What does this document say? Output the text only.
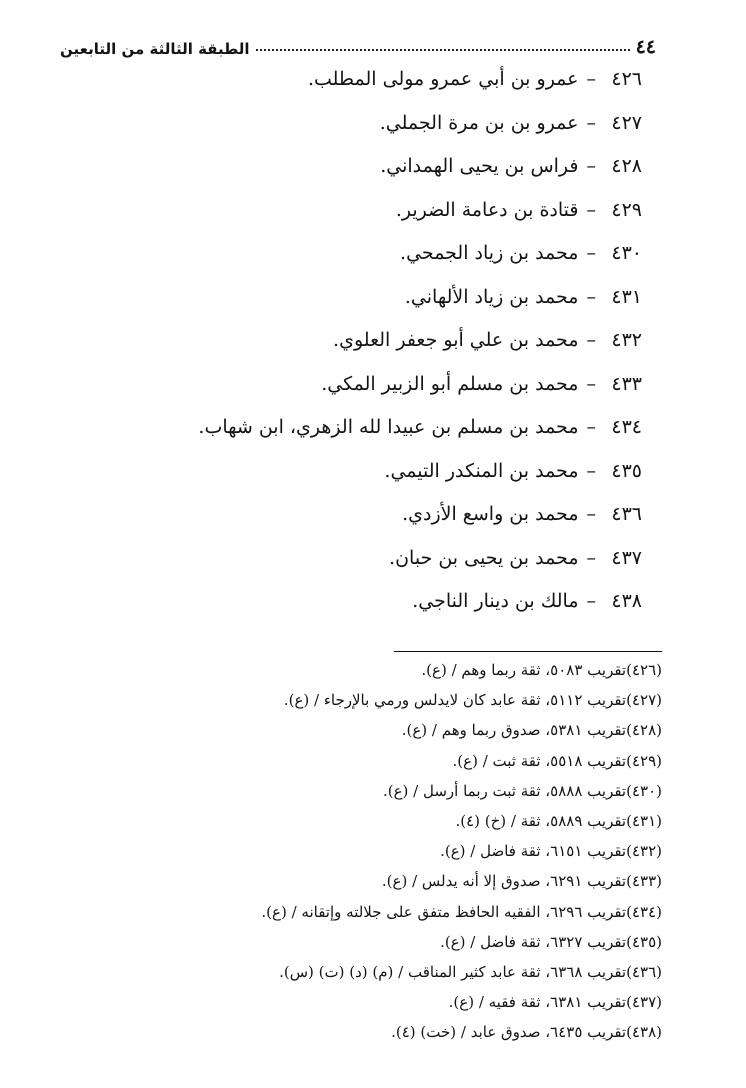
٤٤
الطبقة الثالثة من التابعين
٤٢٦–عمرو بن أبي عمرو مولى المطلب.
٤٢٧–عمرو بن بن مرة الجملي.
٤٢٨–فراس بن يحيى الهمداني.
٤٢٩–قتادة بن دعامة الضرير.
٤٣٠–محمد بن زياد الجمحي.
٤٣١–محمد بن زياد الألهاني.
٤٣٢–محمد بن علي أبو جعفر العلوي.
٤٣٣–محمد بن مسلم أبو الزبير المكي.
٤٣٤–محمد بن مسلم بن عبيدا لله الزهري، ابن شهاب.
٤٣٥–محمد بن المنكدر التيمي.
٤٣٦–محمد بن واسع الأزدي.
٤٣٧–محمد بن يحيى بن حبان.
٤٣٨–مالك بن دينار الناجي.
(٤٢٦)تقريب ٥٠٨٣، ثقة ربما وهم / (ع).
(٤٢٧)تقريب ٥١١٢، ثقة عابد كان لايدلس ورمي بالإرجاء / (ع).
(٤٢٨)تقريب ٥٣٨١، صدوق ربما وهم / (ع).
(٤٢٩)تقريب ٥٥١٨، ثقة ثبت / (ع).
(٤٣٠)تقريب ٥٨٨٨، ثقة ثبت ربما أرسل / (ع).
(٤٣١)تقريب ٥٨٨٩، ثقة / (خ) (٤).
(٤٣٢)تقريب ٦١٥١، ثقة فاضل / (ع).
(٤٣٣)تقريب ٦٢٩١، صدوق إلا أنه يدلس / (ع).
(٤٣٤)تقريب ٦٢٩٦، الفقيه الحافظ متفق على جلالته وإتقانه / (ع).
(٤٣٥)تقريب ٦٣٢٧، ثقة فاضل / (ع).
(٤٣٦)تقريب ٦٣٦٨، ثقة عابد كثير المناقب / (م) (د) (ت) (س).
(٤٣٧)تقريب ٦٣٨١، ثقة فقيه / (ع).
(٤٣٨)تقريب ٦٤٣٥، صدوق عابد / (خت) (٤).
